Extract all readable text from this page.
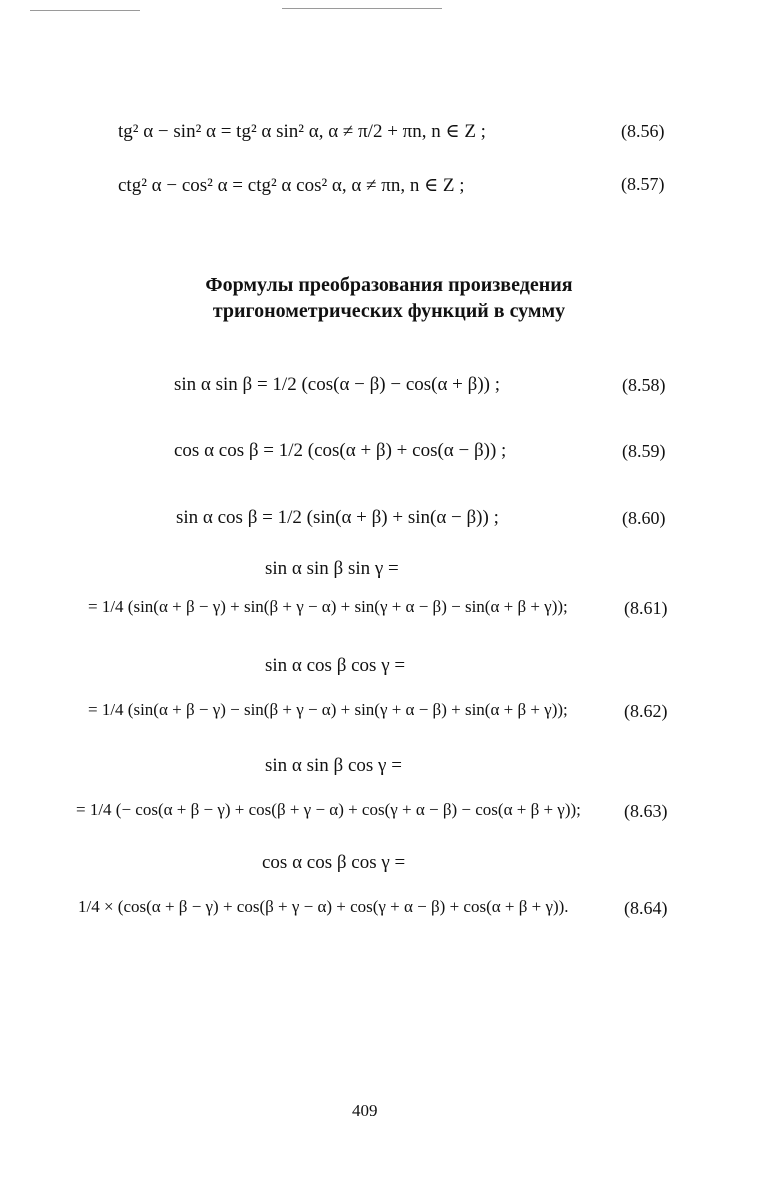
tg² α − sin² α = tg² α sin² α, α ≠ π/2 + πn, n ∈ Z ;	(8.56)
ctg² α − cos² α = ctg² α cos² α, α ≠ πn, n ∈ Z ;	(8.57)
Формулы преобразования произведения
тригонометрических функций в сумму
sin α sin β = 1/2 (cos(α − β) − cos(α + β)) ;	(8.58)
cos α cos β = 1/2 (cos(α + β) + cos(α − β)) ;	(8.59)
sin α cos β = 1/2 (sin(α + β) + sin(α − β)) ;	(8.60)
sin α sin β sin γ =
= 1/4 (sin(α + β − γ) + sin(β + γ − α) + sin(γ + α − β) − sin(α + β + γ));	(8.61)
sin α cos β cos γ =
= 1/4 (sin(α + β − γ) − sin(β + γ − α) + sin(γ + α − β) + sin(α + β + γ));	(8.62)
sin α sin β cos γ =
= 1/4 (− cos(α + β − γ) + cos(β + γ − α) + cos(γ + α − β) − cos(α + β + γ)); (8.63)
cos α cos β cos γ =
1/4 × (cos(α + β − γ) + cos(β + γ − α) + cos(γ + α − β) + cos(α + β + γ)).	(8.64)
409
